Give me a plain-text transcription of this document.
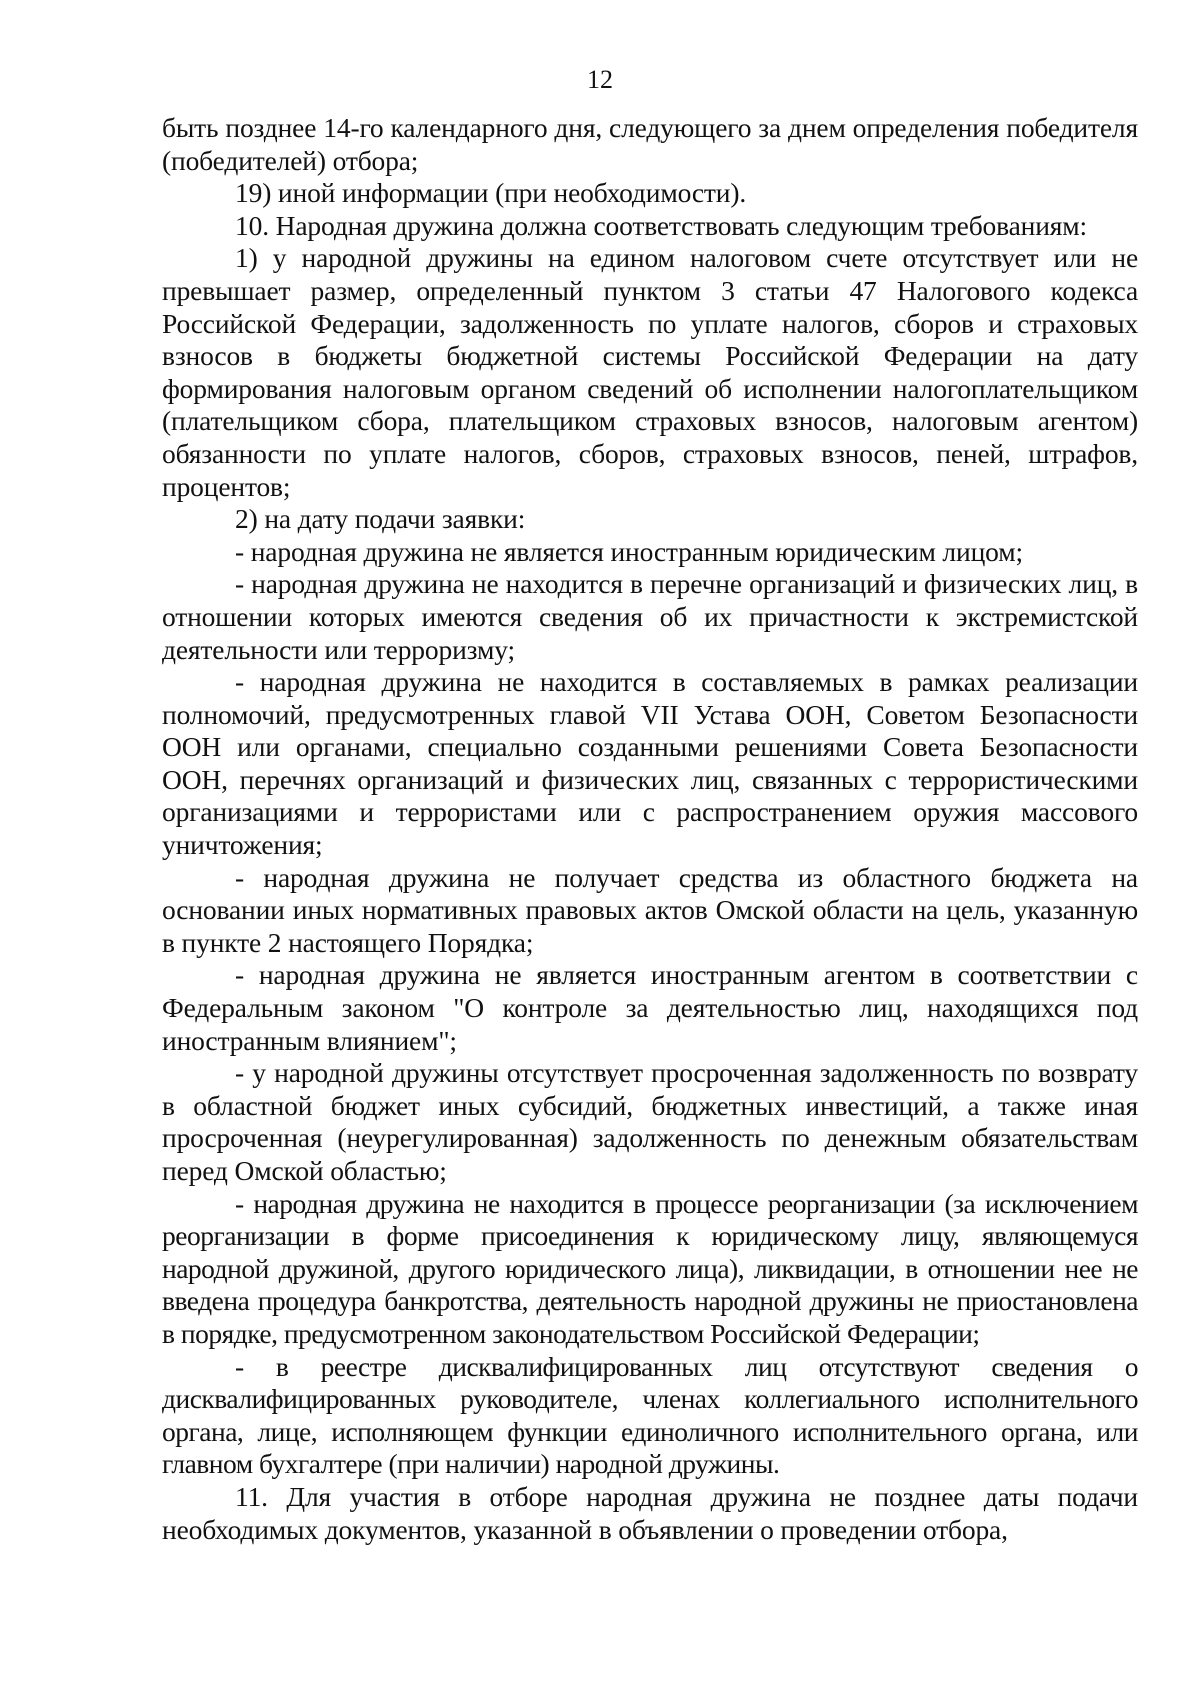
12

быть позднее 14-го календарного дня, следующего за днем определения победителя (победителей) отбора;

19) иной информации (при необходимости).

10. Народная дружина должна соответствовать следующим требованиям:

1) у народной дружины на едином налоговом счете отсутствует или не превышает размер, определенный пунктом 3 статьи 47 Налогового кодекса Российской Федерации, задолженность по уплате налогов, сборов и страховых взносов в бюджеты бюджетной системы Российской Федерации на дату формирования налоговым органом сведений об исполнении налогоплательщиком (плательщиком сбора, плательщиком страховых взносов, налоговым агентом) обязанности по уплате налогов, сборов, страховых взносов, пеней, штрафов, процентов;

2) на дату подачи заявки:

- народная дружина не является иностранным юридическим лицом;

- народная дружина не находится в перечне организаций и физических лиц, в отношении которых имеются сведения об их причастности к экстремистской деятельности или терроризму;

- народная дружина не находится в составляемых в рамках реализации полномочий, предусмотренных главой VII Устава ООН, Советом Безопасности ООН или органами, специально созданными решениями Совета Безопасности ООН, перечнях организаций и физических лиц, связанных с террористическими организациями и террористами или с распространением оружия массового уничтожения;

- народная дружина не получает средства из областного бюджета на основании иных нормативных правовых актов Омской области на цель, указанную в пункте 2 настоящего Порядка;

- народная дружина не является иностранным агентом в соответствии с Федеральным законом "О контроле за деятельностью лиц, находящихся под иностранным влиянием";

- у народной дружины отсутствует просроченная задолженность по возврату в областной бюджет иных субсидий, бюджетных инвестиций, а также иная просроченная (неурегулированная) задолженность по денежным обязательствам перед Омской областью;

- народная дружина не находится в процессе реорганизации (за исключением реорганизации в форме присоединения к юридическому лицу, являющемуся народной дружиной, другого юридического лица), ликвидации, в отношении нее не введена процедура банкротства, деятельность народной дружины не приостановлена в порядке, предусмотренном законодательством Российской Федерации;

- в реестре дисквалифицированных лиц отсутствуют сведения о дисквалифицированных руководителе, членах коллегиального исполнительного органа, лице, исполняющем функции единоличного исполнительного органа, или главном бухгалтере (при наличии) народной дружины.

11. Для участия в отборе народная дружина не позднее даты подачи необходимых документов, указанной в объявлении о проведении отбора,
